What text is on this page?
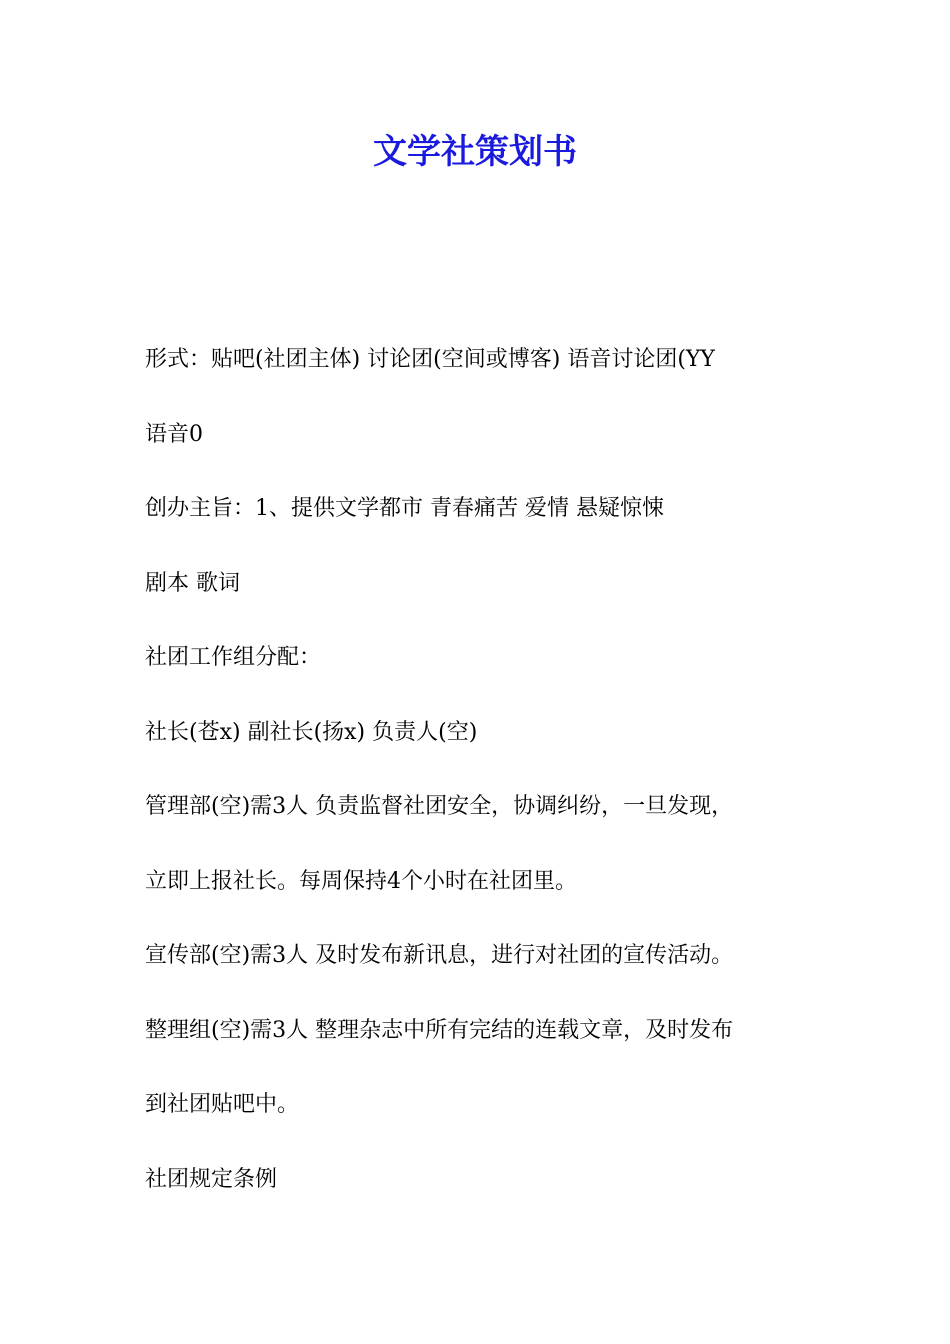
文学社策划书

形式：贴吧(社团主体) 讨论团(空间或博客) 语音讨论团(YY

语音0

创办主旨：1、提供文学都市 青春痛苦 爱情 悬疑惊悚

剧本 歌词

社团工作组分配：

社长(苍x) 副社长(扬x) 负责人(空)

管理部(空)需3人 负责监督社团安全，协调纠纷，一旦发现，

立即上报社长。每周保持4个小时在社团里。

宣传部(空)需3人 及时发布新讯息，进行对社团的宣传活动。

整理组(空)需3人 整理杂志中所有完结的连载文章，及时发布

到社团贴吧中。

社团规定条例
